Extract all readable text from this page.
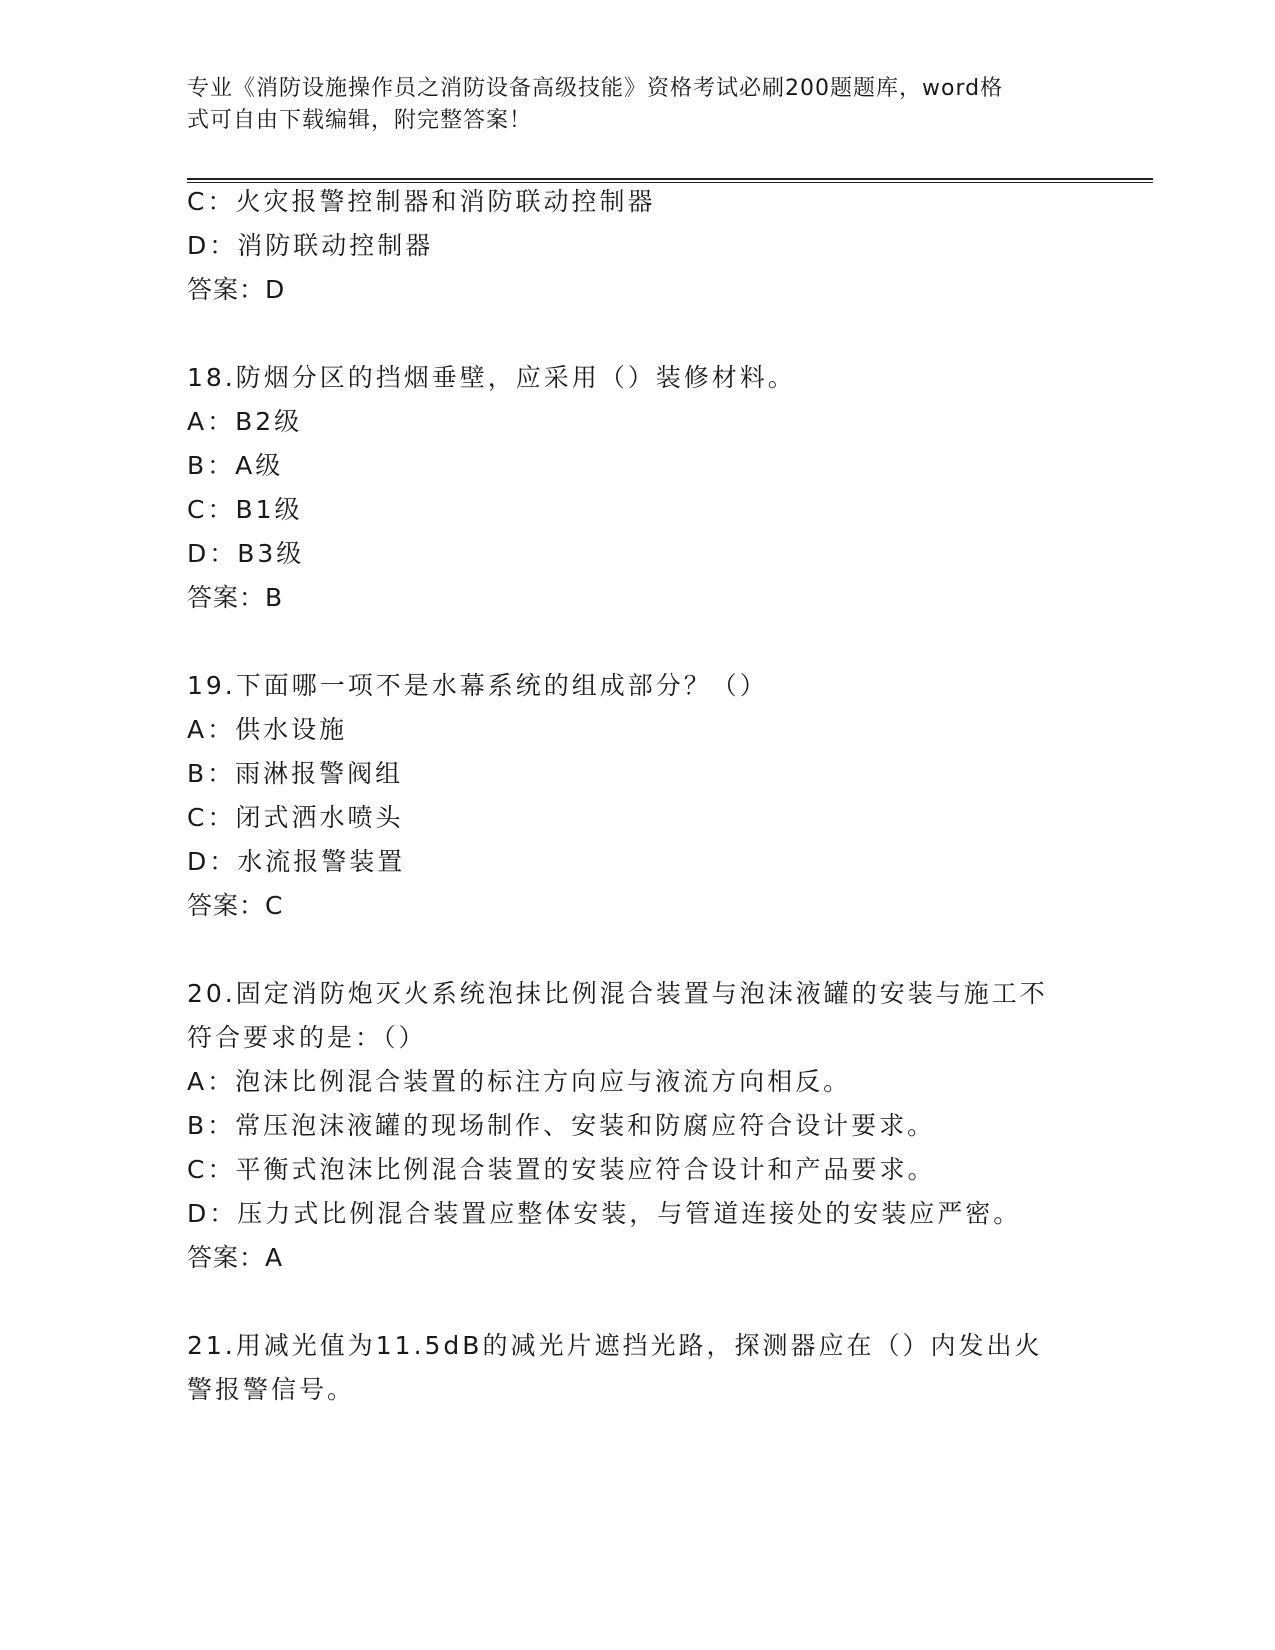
专业《消防设施操作员之消防设备高级技能》资格考试必刷200题题库，word格
式可自由下载编辑，附完整答案！
C：火灾报警控制器和消防联动控制器
D：消防联动控制器
答案：D
18.防烟分区的挡烟垂壁，应采用（）装修材料。
A：B2级
B：A级
C：B1级
D：B3级
答案：B
19.下面哪一项不是水幕系统的组成部分？（）
A：供水设施
B：雨淋报警阀组
C：闭式洒水喷头
D：水流报警装置
答案：C
20.固定消防炮灭火系统泡抹比例混合装置与泡沫液罐的安装与施工不
符合要求的是：（）
A：泡沫比例混合装置的标注方向应与液流方向相反。
B：常压泡沫液罐的现场制作、安装和防腐应符合设计要求。
C：平衡式泡沫比例混合装置的安装应符合设计和产品要求。
D：压力式比例混合装置应整体安装，与管道连接处的安装应严密。
答案：A
21.用减光值为11.5dB的减光片遮挡光路，探测器应在（）内发出火
警报警信号。
